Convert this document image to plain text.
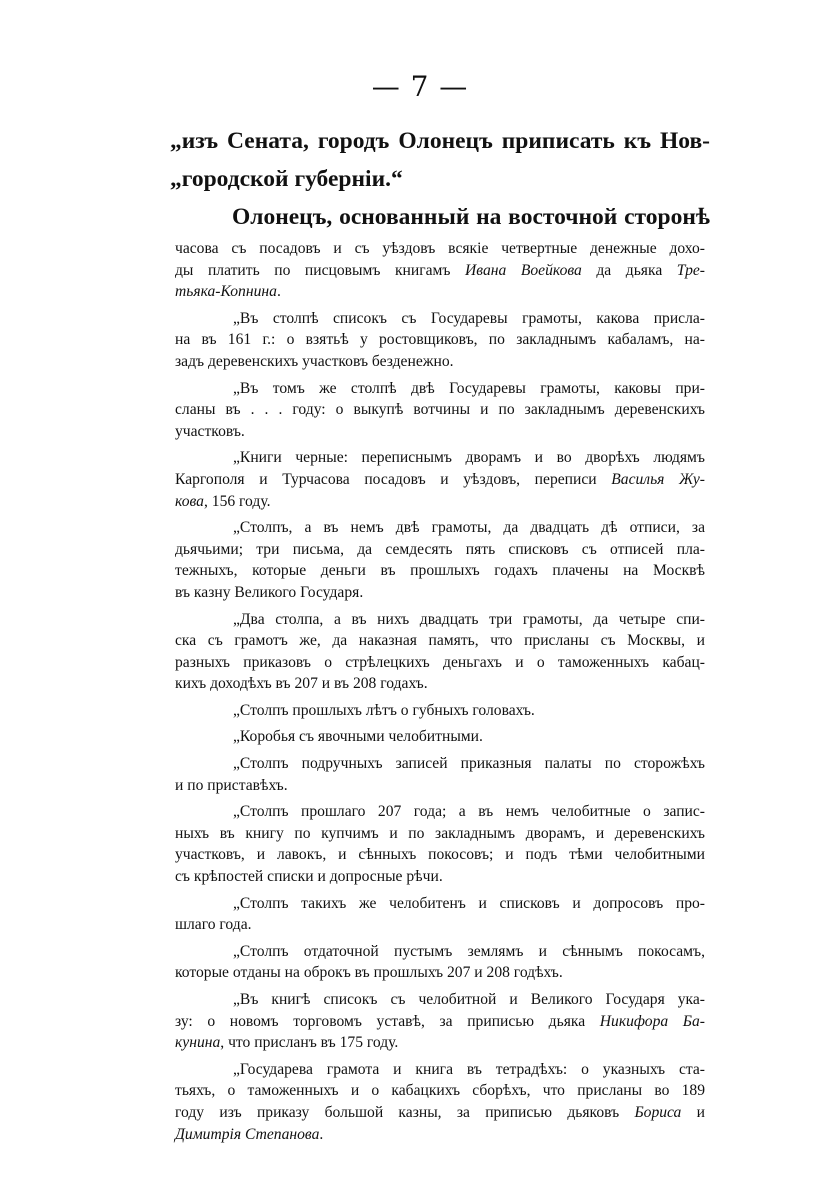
— 7 —
„изъ Сената, городъ Олонецъ приписать къ Нов-
„городской губерніи.“
Олонецъ, основанный на восточной сторонѣ
часова съ посадовъ и съ уѣздовъ всякіе четвертные денежные дохо-
ды платить по писцовымъ книгамъ Ивана Воейкова да дьяка Тре-
тьяка-Копнина.
„Въ столпѣ списокъ съ Государевы грамоты, какова присла-
на въ 161 г.: о взятьѣ у ростовщиковъ, по закладнымъ кабаламъ, на-
задъ деревенскихъ участковъ безденежно.
„Въ томъ же столпѣ двѣ Государевы грамоты, каковы при-
сланы въ . . . году: о выкупѣ вотчины и по закладнымъ деревенскихъ
участковъ.
„Книги черные: переписнымъ дворамъ и во дворѣхъ людямъ
Каргополя и Турчасова посадовъ и уѣздовъ, переписи Василья Жу-
кова, 156 году.
„Столпъ, а въ немъ двѣ грамоты, да двадцать дѣ отписи, за
дьячьими; три письма, да семдесять пять списковъ съ отписей пла-
тежныхъ, которые деньги въ прошлыхъ годахъ плачены на Москвѣ
въ казну Великого Государя.
„Два столпа, а въ нихъ двадцать три грамоты, да четыре спи-
ска съ грамотъ же, да наказная память, что присланы съ Москвы, и
разныхъ приказовъ о стрѣлецкихъ деньгахъ и о таможенныхъ кабац-
кихъ доходѣхъ въ 207 и въ 208 годахъ.
„Столпъ прошлыхъ лѣтъ о губныхъ головахъ.
„Коробья съ явочными челобитными.
„Столпъ подручныхъ записей приказныя палаты по сторожѣхъ
и по приставѣхъ.
„Столпъ прошлаго 207 года; а въ немъ челобитные о запис-
ныхъ въ книгу по купчимъ и по закладнымъ дворамъ, и деревенскихъ
участковъ, и лавокъ, и сѣнныхъ покосовъ; и подъ тѣми челобитными
съ крѣпостей списки и допросные рѣчи.
„Столпъ такихъ же челобитенъ и списковъ и допросовъ про-
шлаго года.
„Столпъ отдаточной пустымъ землямъ и сѣннымъ покосамъ,
которые отданы на оброкъ въ прошлыхъ 207 и 208 годѣхъ.
„Въ книгѣ списокъ съ челобитной и Великого Государя ука-
зу: о новомъ торговомъ уставѣ, за приписью дьяка Никифора Ба-
кунина, что присланъ въ 175 году.
„Государева грамота и книга въ тетрадѣхъ: о указныхъ ста-
тьяхъ, о таможенныхъ и о кабацкихъ сборѣхъ, что присланы во 189
году изъ приказу большой казны, за приписью дьяковъ Бориса и
Димитрія Степанова.
